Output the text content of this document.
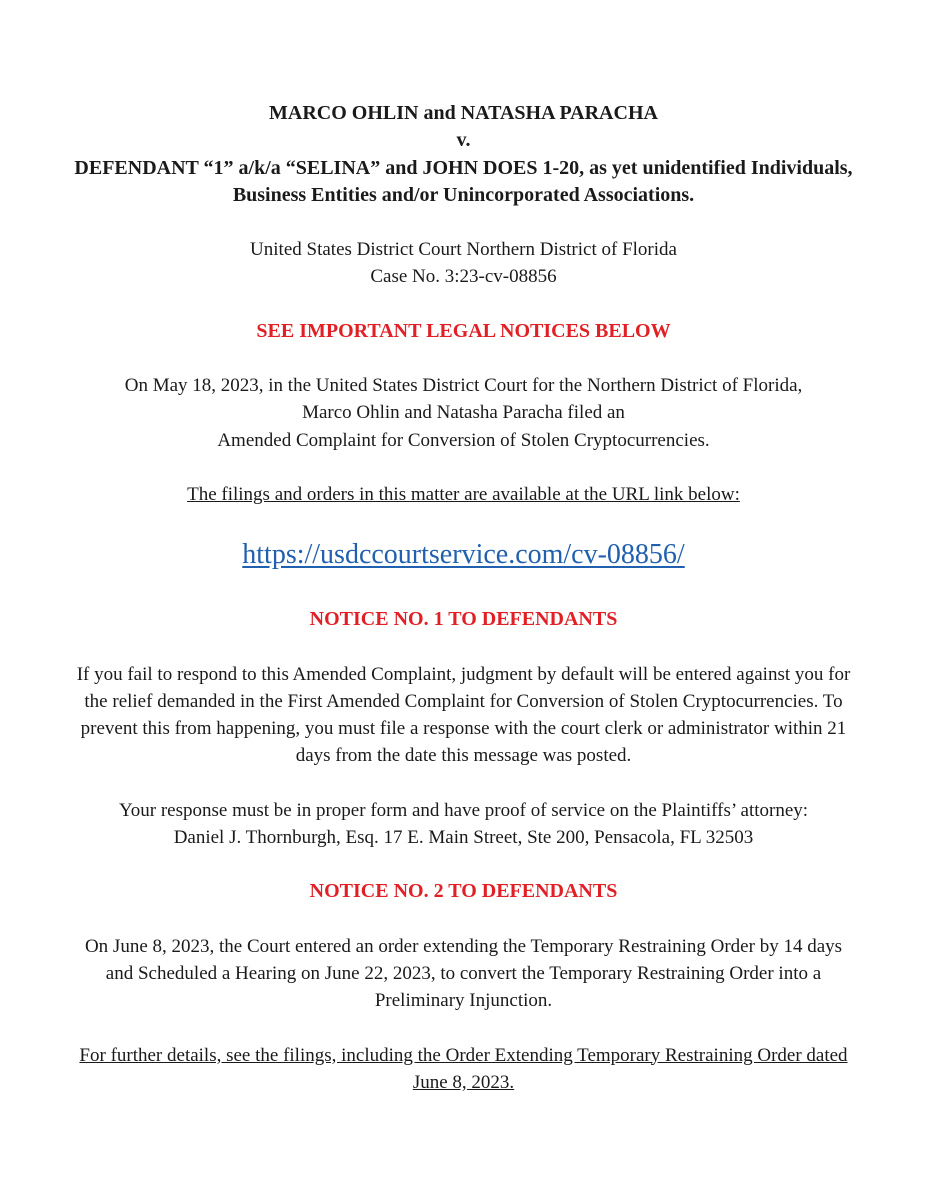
MARCO OHLIN and NATASHA PARACHA
v.
DEFENDANT “1” a/k/a “SELINA” and JOHN DOES 1-20, as yet unidentified Individuals,
Business Entities and/or Unincorporated Associations.
United States District Court Northern District of Florida
Case No. 3:23-cv-08856
SEE IMPORTANT LEGAL NOTICES BELOW
On May 18, 2023, in the United States District Court for the Northern District of Florida,
Marco Ohlin and Natasha Paracha filed an
Amended Complaint for Conversion of Stolen Cryptocurrencies.
The filings and orders in this matter are available at the URL link below:
https://usdccourtservice.com/cv-08856/
NOTICE NO. 1 TO DEFENDANTS
If you fail to respond to this Amended Complaint, judgment by default will be entered against you for
the relief demanded in the First Amended Complaint for Conversion of Stolen Cryptocurrencies. To
prevent this from happening, you must file a response with the court clerk or administrator within 21
days from the date this message was posted.
Your response must be in proper form and have proof of service on the Plaintiffs’ attorney:
Daniel J. Thornburgh, Esq. 17 E. Main Street, Ste 200, Pensacola, FL 32503
NOTICE NO. 2 TO DEFENDANTS
On June 8, 2023, the Court entered an order extending the Temporary Restraining Order by 14 days
and Scheduled a Hearing on June 22, 2023, to convert the Temporary Restraining Order into a
Preliminary Injunction.
For further details, see the filings, including the Order Extending Temporary Restraining Order dated
June 8, 2023.
